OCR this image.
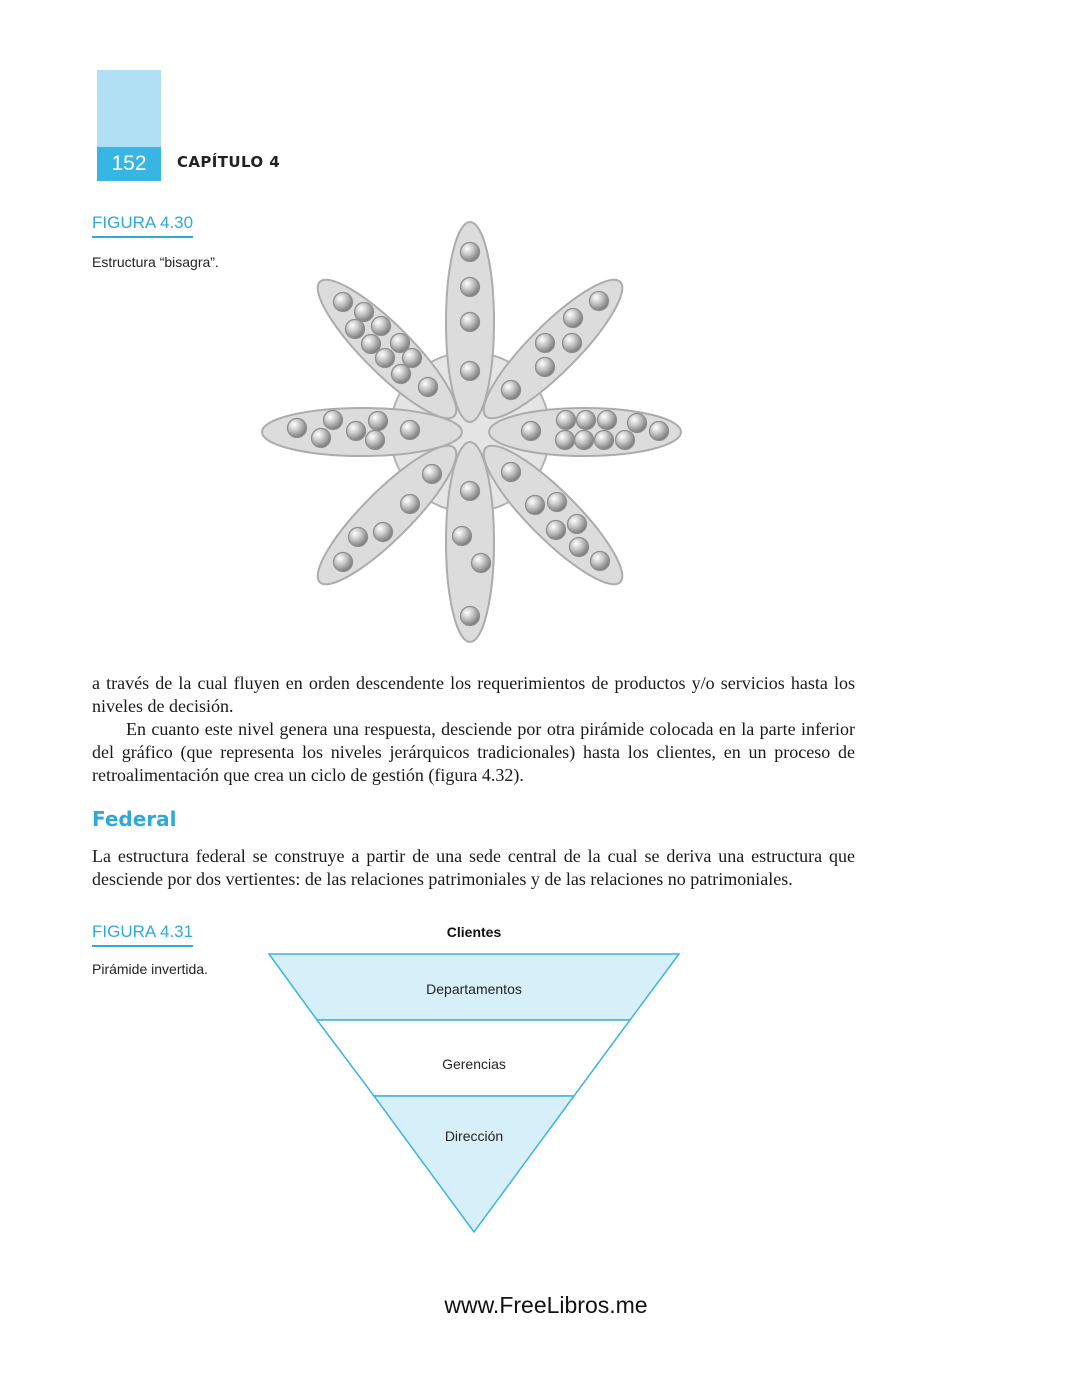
152	CAPÍTULO 4
FIGURA 4.30
Estructura “bisagra”.

a través de la cual fluyen en orden descendente los requerimientos de productos y/o servicios hasta los niveles de decisión.

En cuanto este nivel genera una respuesta, desciende por otra pirámide colocada en la parte inferior del gráfico (que representa los niveles jerárquicos tradicionales) hasta los clientes, en un proceso de retroalimentación que crea un ciclo de gestión (figura 4.32).

Federal
La estructura federal se construye a partir de una sede central de la cual se deriva una estructura que desciende por dos vertientes: de las relaciones patrimoniales y de las relaciones no patrimoniales.
FIGURA 4.31
Pirámide invertida.
Clientes
Departamentos
Gerencias
Dirección
www.FreeLibros.me
